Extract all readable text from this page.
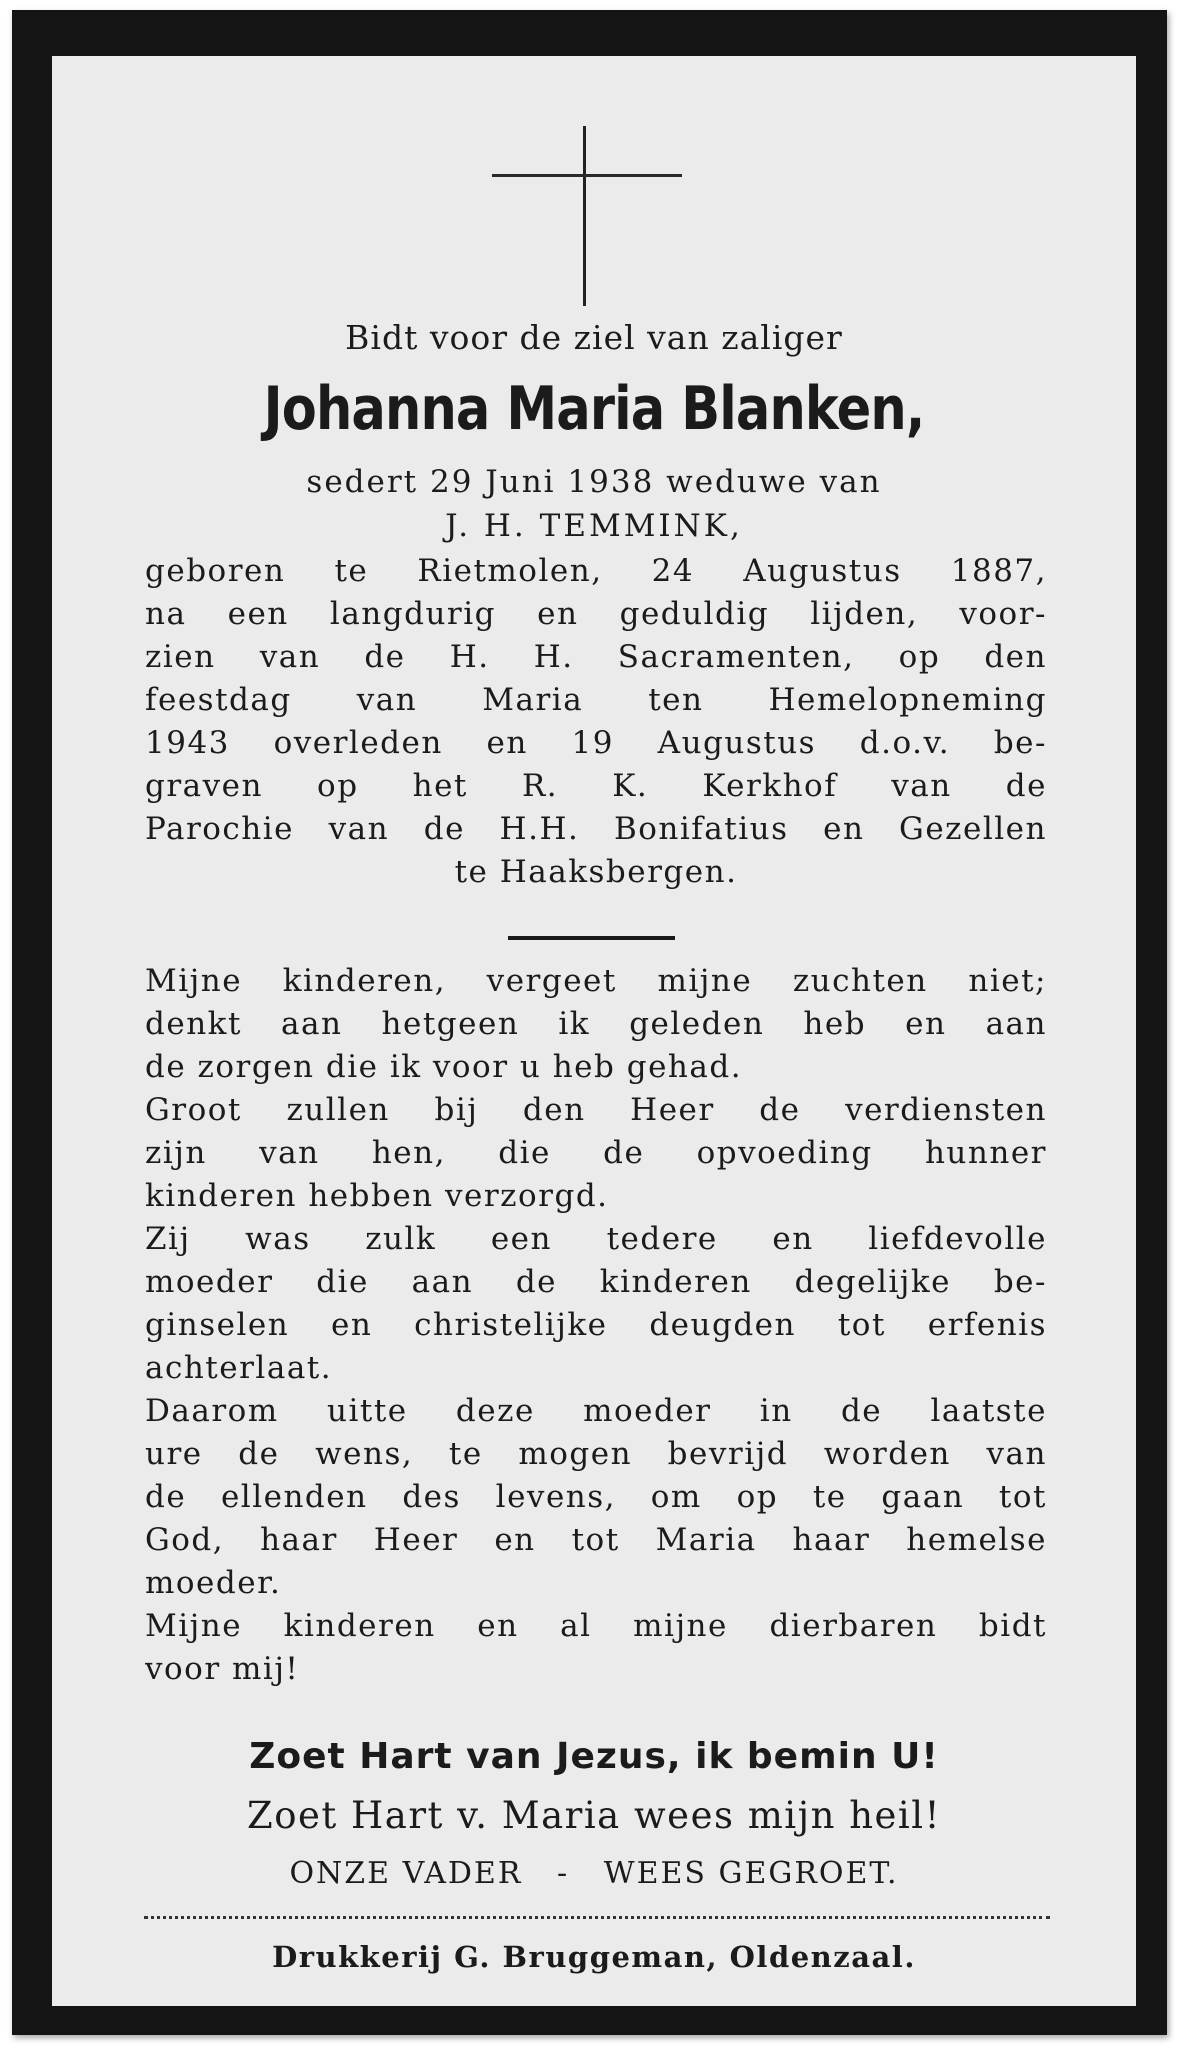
Bidt voor de ziel van zaliger
Johanna Maria Blanken,
sedert 29 Juni 1938 weduwe van
J. H. TEMMINK,
geboren te Rietmolen, 24 Augustus 1887,
na een langdurig en geduldig lijden, voor-
zien van de H. H. Sacramenten, op den
feestdag van Maria ten Hemelopneming
1943 overleden en 19 Augustus d.o.v. be-
graven op het R. K. Kerkhof van de
Parochie van de H.H. Bonifatius en Gezellen
te Haaksbergen.
Mijne kinderen, vergeet mijne zuchten niet;
denkt aan hetgeen ik geleden heb en aan
de zorgen die ik voor u heb gehad.
Groot zullen bij den Heer de verdiensten
zijn van hen, die de opvoeding hunner
kinderen hebben verzorgd.
Zij was zulk een tedere en liefdevolle
moeder die aan de kinderen degelijke be-
ginselen en christelijke deugden tot erfenis
achterlaat.
Daarom uitte deze moeder in de laatste
ure de wens, te mogen bevrijd worden van
de ellenden des levens, om op te gaan tot
God, haar Heer en tot Maria haar hemelse
moeder.
Mijne kinderen en al mijne dierbaren bidt
voor mij!
Zoet Hart van Jezus, ik bemin U!
Zoet Hart v. Maria wees mijn heil!
ONZE VADER   -   WEES GEGROET.
Drukkerij G. Bruggeman, Oldenzaal.
